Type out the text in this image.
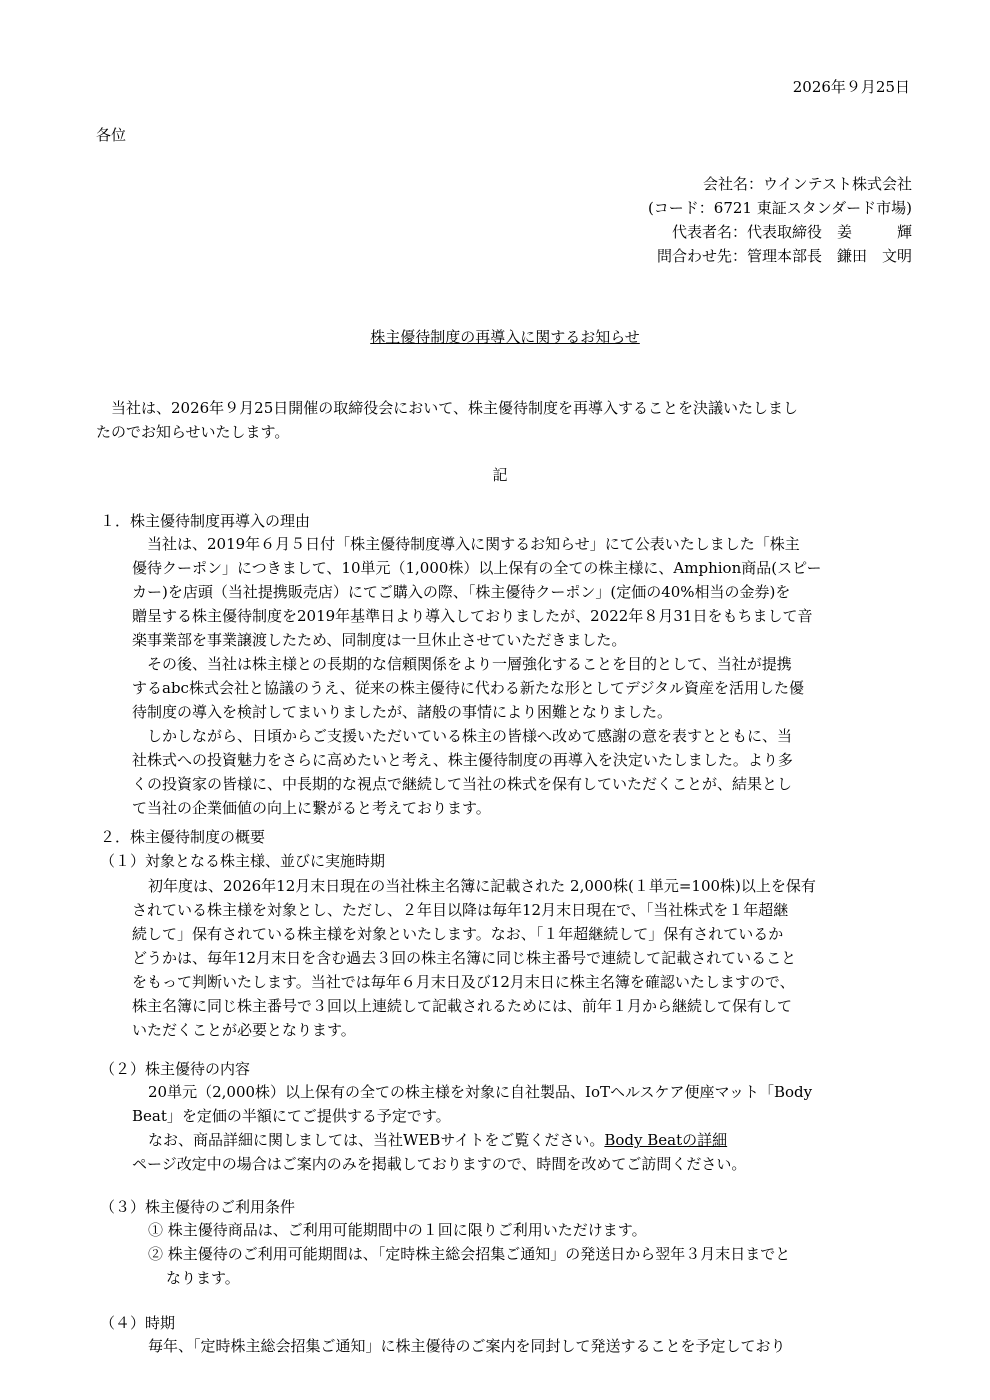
2026年９月25日
各位
会社名：ウインテスト株式会社
(コード：6721 東証スタンダード市場)
代表者名：代表取締役　姜　　　輝
問合わせ先：管理本部長　鎌田　文明
株主優待制度の再導入に関するお知らせ
　当社は、2026年９月25日開催の取締役会において、株主優待制度を再導入することを決議いたしまし
たのでお知らせいたします。
記
１．株主優待制度再導入の理由
　当社は、2019年６月５日付「株主優待制度導入に関するお知らせ」にて公表いたしました「株主
優待クーポン」につきまして、10単元（1,000株）以上保有の全ての株主様に、Amphion商品(スピー
カー)を店頭（当社提携販売店）にてご購入の際、「株主優待クーポン」(定価の40%相当の金券)を
贈呈する株主優待制度を2019年基準日より導入しておりましたが、2022年８月31日をもちまして音
楽事業部を事業譲渡したため、同制度は一旦休止させていただきました。
　その後、当社は株主様との長期的な信頼関係をより一層強化することを目的として、当社が提携
するabc株式会社と協議のうえ、従来の株主優待に代わる新たな形としてデジタル資産を活用した優
待制度の導入を検討してまいりましたが、諸般の事情により困難となりました。
　しかしながら、日頃からご支援いただいている株主の皆様へ改めて感謝の意を表すとともに、当
社株式への投資魅力をさらに高めたいと考え、株主優待制度の再導入を決定いたしました。より多
くの投資家の皆様に、中長期的な視点で継続して当社の株式を保有していただくことが、結果とし
て当社の企業価値の向上に繋がると考えております。
２．株主優待制度の概要
（１）対象となる株主様、並びに実施時期
初年度は、2026年12月末日現在の当社株主名簿に記載された 2,000株(１単元=100株)以上を保有
されている株主様を対象とし、ただし、２年目以降は毎年12月末日現在で、「当社株式を１年超継
続して」保有されている株主様を対象といたします。なお、「１年超継続して」保有されているか
どうかは、毎年12月末日を含む過去３回の株主名簿に同じ株主番号で連続して記載されていること
をもって判断いたします。当社では毎年６月末日及び12月末日に株主名簿を確認いたしますので、
株主名簿に同じ株主番号で３回以上連続して記載されるためには、前年１月から継続して保有して
いただくことが必要となります。
（２）株主優待の内容
20単元（2,000株）以上保有の全ての株主様を対象に自社製品、IoTヘルスケア便座マット「Body
Beat」を定価の半額にてご提供する予定です。
なお、商品詳細に関しましては、当社WEBサイトをご覧ください。Body Beatの詳細
ページ改定中の場合はご案内のみを掲載しておりますので、時間を改めてご訪問ください。
（３）株主優待のご利用条件
① 株主優待商品は、ご利用可能期間中の１回に限りご利用いただけます。
② 株主優待のご利用可能期間は、「定時株主総会招集ご通知」の発送日から翌年３月末日までと
なります。
（４）時期
毎年、「定時株主総会招集ご通知」に株主優待のご案内を同封して発送することを予定しており
